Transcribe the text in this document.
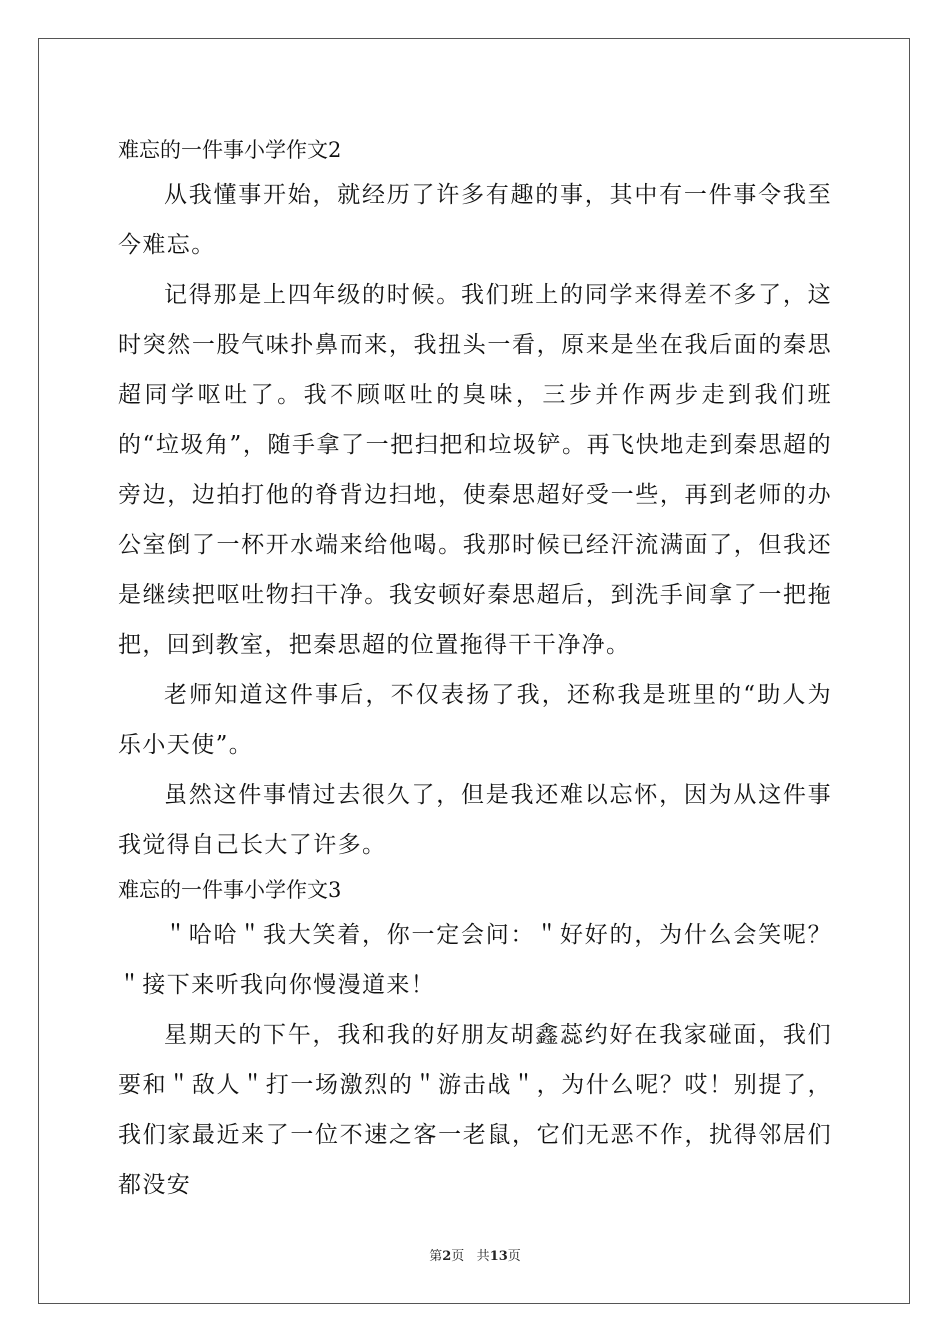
难忘的一件事小学作文2

从我懂事开始，就经历了许多有趣的事，其中有一件事令我至今难忘。

记得那是上四年级的时候。我们班上的同学来得差不多了，这时突然一股气味扑鼻而来，我扭头一看，原来是坐在我后面的秦思超同学呕吐了。我不顾呕吐的臭味，三步并作两步走到我们班的“垃圾角”，随手拿了一把扫把和垃圾铲。再飞快地走到秦思超的旁边，边拍打他的脊背边扫地，使秦思超好受一些，再到老师的办公室倒了一杯开水端来给他喝。我那时候已经汗流满面了，但我还是继续把呕吐物扫干净。我安顿好秦思超后，到洗手间拿了一把拖把，回到教室，把秦思超的位置拖得干干净净。

老师知道这件事后，不仅表扬了我，还称我是班里的“助人为乐小天使”。

虽然这件事情过去很久了，但是我还难以忘怀，因为从这件事我觉得自己长大了许多。

难忘的一件事小学作文3

＂哈哈＂我大笑着，你一定会问：＂好好的，为什么会笑呢？＂接下来听我向你慢漫道来！

星期天的下午，我和我的好朋友胡鑫蕊约好在我家碰面，我们要和＂敌人＂打一场激烈的＂游击战＂，为什么呢？哎！别提了，我们家最近来了一位不速之客一老鼠，它们无恶不作，扰得邻居们都没安

第2页 共13页
